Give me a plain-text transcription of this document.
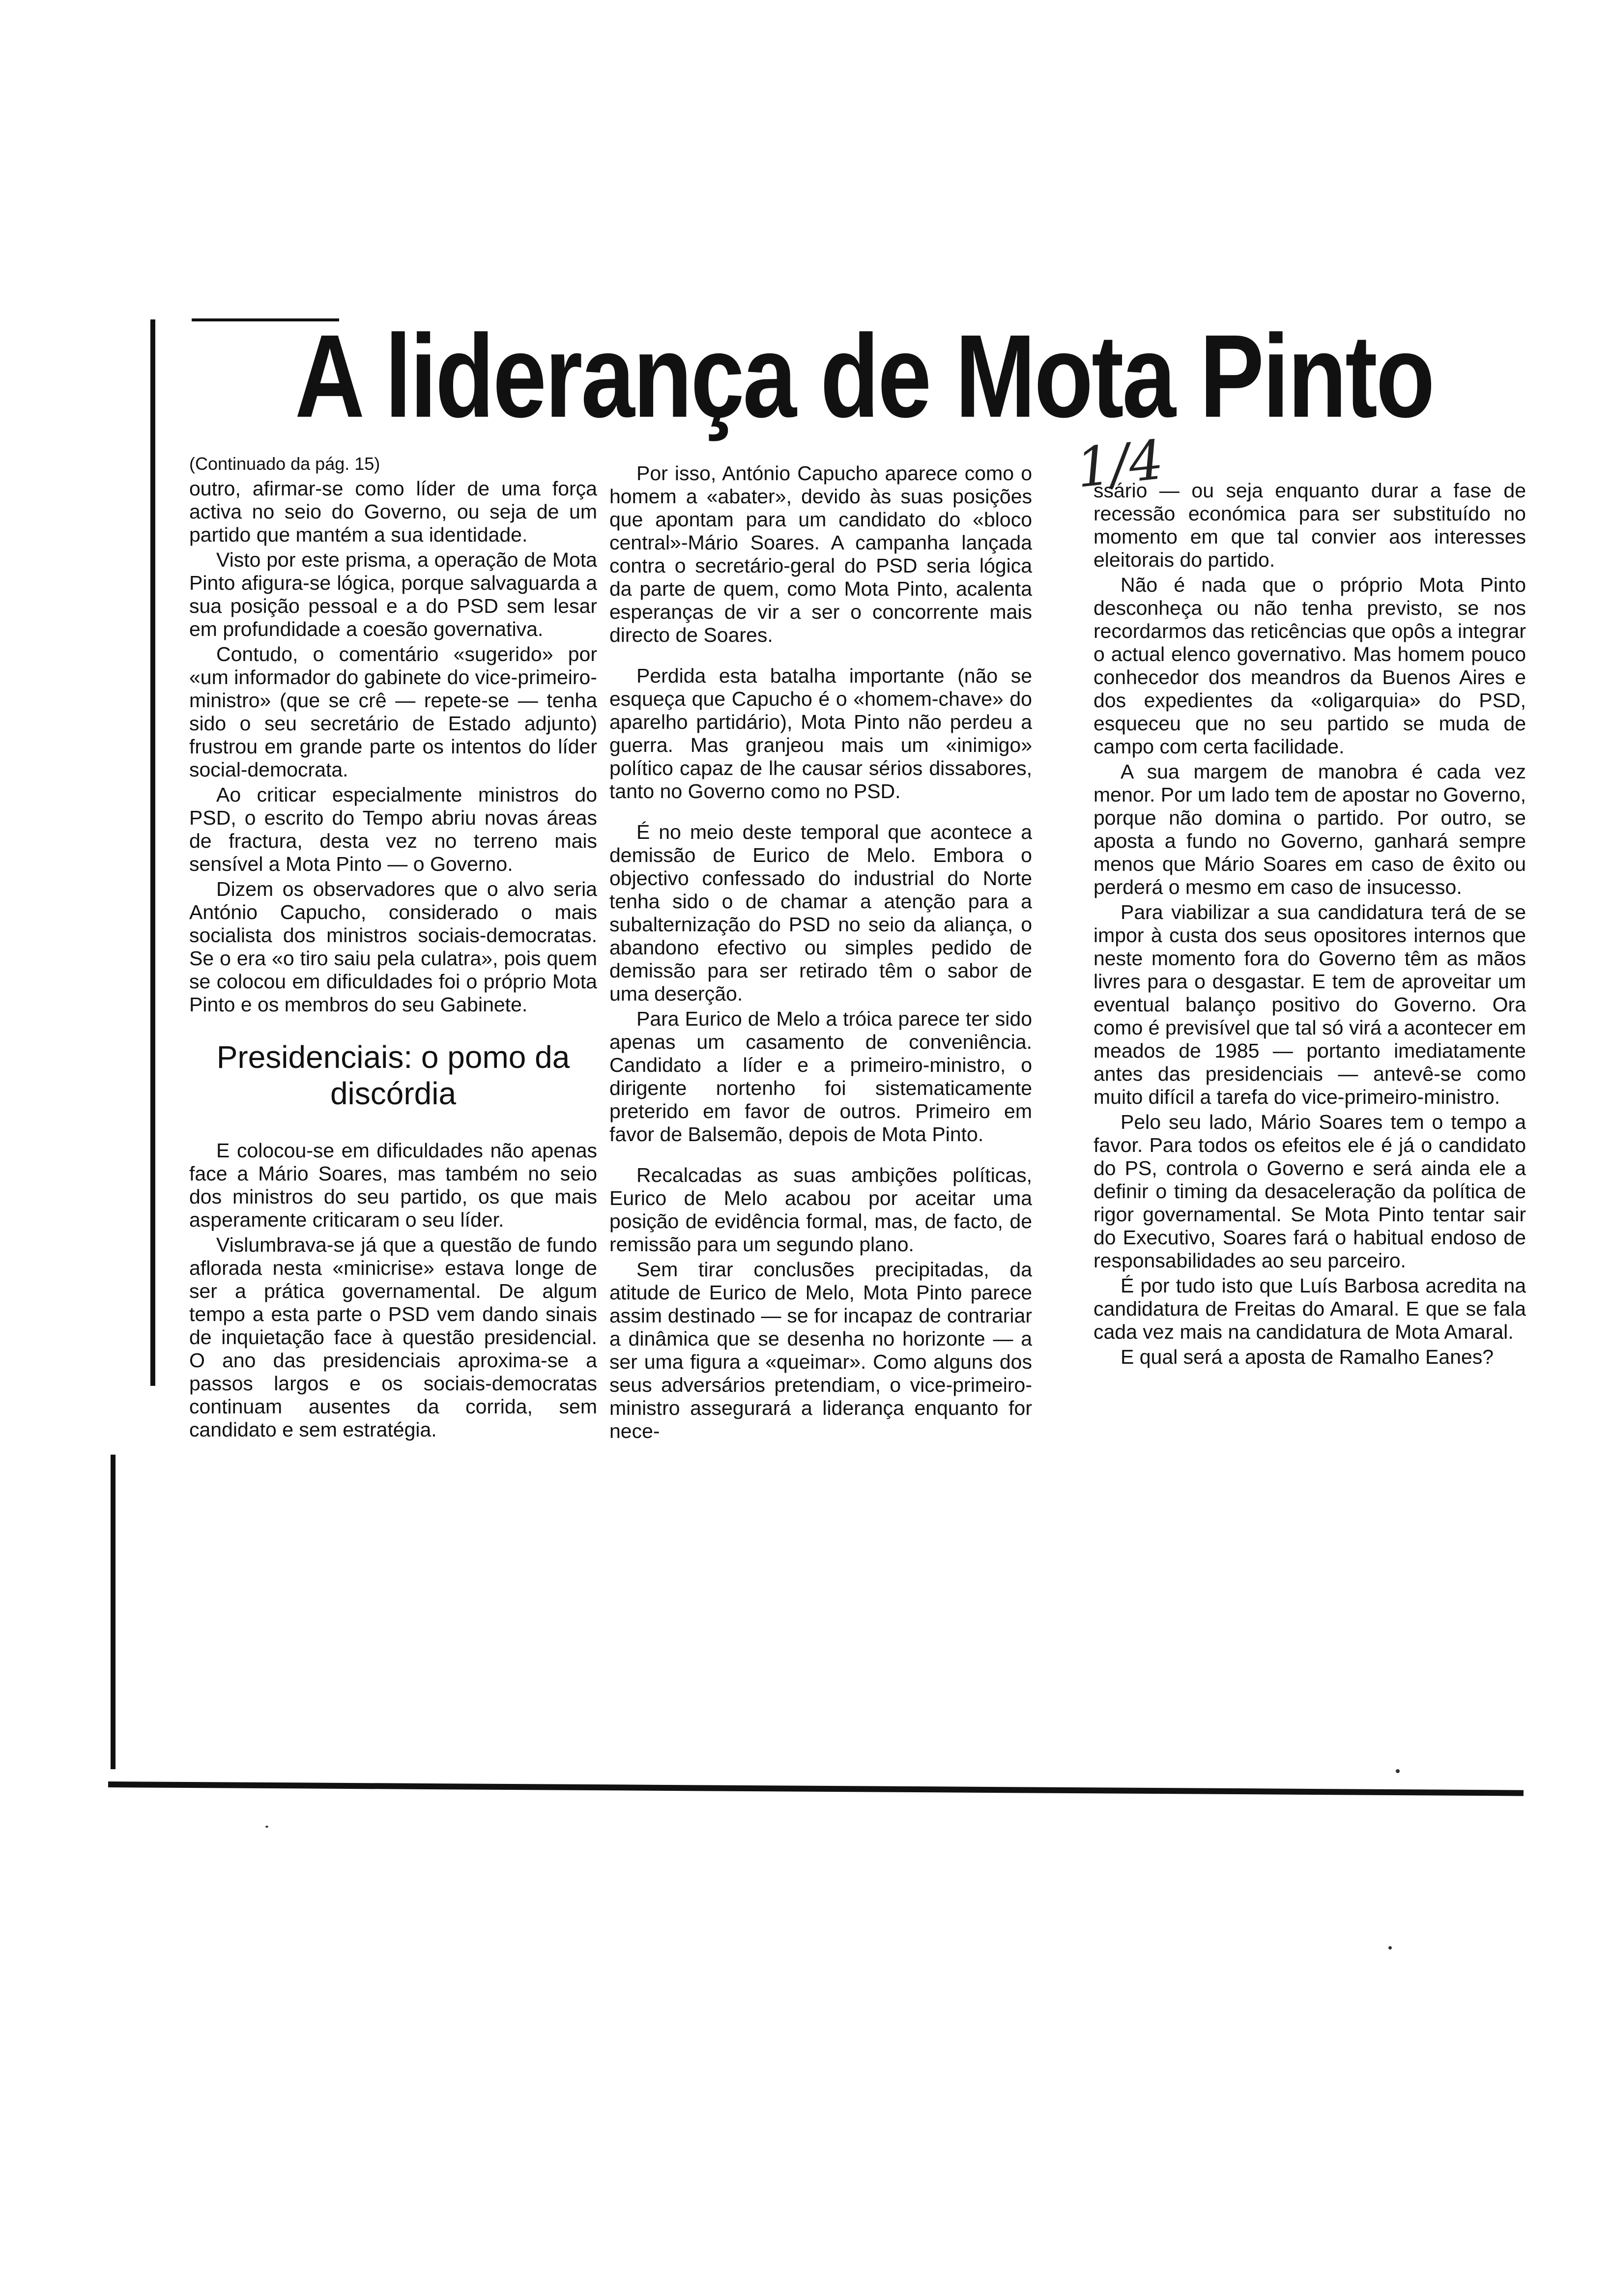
A liderança de Mota Pinto
1/4

(Continuado da pág. 15)

outro, afirmar-se como líder de uma força activa no seio do Governo, ou seja de um partido que mantém a sua identidade.

Visto por este prisma, a operação de Mota Pinto afigura-se lógica, porque salvaguarda a sua posição pessoal e a do PSD sem lesar em profundidade a coesão governativa.

Contudo, o comentário «sugerido» por «um informador do gabinete do vice-primeiro-ministro» (que se crê — repete-se — tenha sido o seu secretário de Estado adjunto) frustrou em grande parte os intentos do líder social-democrata.

Ao criticar especialmente ministros do PSD, o escrito do Tempo abriu novas áreas de fractura, desta vez no terreno mais sensível a Mota Pinto — o Governo.

Dizem os observadores que o alvo seria António Capucho, considerado o mais socialista dos ministros sociais-democratas. Se o era «o tiro saiu pela culatra», pois quem se colocou em dificuldades foi o próprio Mota Pinto e os membros do seu Gabinete.

Presidenciais: o pomo da discórdia

E colocou-se em dificuldades não apenas face a Mário Soares, mas também no seio dos ministros do seu partido, os que mais asperamente criticaram o seu líder.

Vislumbrava-se já que a questão de fundo aflorada nesta «minicrise» estava longe de ser a prática governamental. De algum tempo a esta parte o PSD vem dando sinais de inquietação face à questão presidencial. O ano das presidenciais aproxima-se a passos largos e os sociais-democratas continuam ausentes da corrida, sem candidato e sem estratégia.

Por isso, António Capucho aparece como o homem a «abater», devido às suas posições que apontam para um candidato do «bloco central»-Mário Soares. A campanha lançada contra o secretário-geral do PSD seria lógica da parte de quem, como Mota Pinto, acalenta esperanças de vir a ser o concorrente mais directo de Soares.

Perdida esta batalha importante (não se esqueça que Capucho é o «homem-chave» do aparelho partidário), Mota Pinto não perdeu a guerra. Mas granjeou mais um «inimigo» político capaz de lhe causar sérios dissabores, tanto no Governo como no PSD.

É no meio deste temporal que acontece a demissão de Eurico de Melo. Embora o objectivo confessado do industrial do Norte tenha sido o de chamar a atenção para a subalternização do PSD no seio da aliança, o abandono efectivo ou simples pedido de demissão para ser retirado têm o sabor de uma deserção.

Para Eurico de Melo a tróica parece ter sido apenas um casamento de conveniência. Candidato a líder e a primeiro-ministro, o dirigente nortenho foi sistematicamente preterido em favor de outros. Primeiro em favor de Balsemão, depois de Mota Pinto.

Recalcadas as suas ambições políticas, Eurico de Melo acabou por aceitar uma posição de evidência formal, mas, de facto, de remissão para um segundo plano.

Sem tirar conclusões precipitadas, da atitude de Eurico de Melo, Mota Pinto parece assim destinado — se for incapaz de contrariar a dinâmica que se desenha no horizonte — a ser uma figura a «queimar». Como alguns dos seus adversários pretendiam, o vice-primeiro-ministro assegurará a liderança enquanto for nece-

ssário — ou seja enquanto durar a fase de recessão económica para ser substituído no momento em que tal convier aos interesses eleitorais do partido.

Não é nada que o próprio Mota Pinto desconheça ou não tenha previsto, se nos recordarmos das reticências que opôs a integrar o actual elenco governativo. Mas homem pouco conhecedor dos meandros da Buenos Aires e dos expedientes da «oligarquia» do PSD, esqueceu que no seu partido se muda de campo com certa facilidade.

A sua margem de manobra é cada vez menor. Por um lado tem de apostar no Governo, porque não domina o partido. Por outro, se aposta a fundo no Governo, ganhará sempre menos que Mário Soares em caso de êxito ou perderá o mesmo em caso de insucesso.

Para viabilizar a sua candidatura terá de se impor à custa dos seus opositores internos que neste momento fora do Governo têm as mãos livres para o desgastar. E tem de aproveitar um eventual balanço positivo do Governo. Ora como é previsível que tal só virá a acontecer em meados de 1985 — portanto imediatamente antes das presidenciais — antevê-se como muito difícil a tarefa do vice-primeiro-ministro.

Pelo seu lado, Mário Soares tem o tempo a favor. Para todos os efeitos ele é já o candidato do PS, controla o Governo e será ainda ele a definir o timing da desaceleração da política de rigor governamental. Se Mota Pinto tentar sair do Executivo, Soares fará o habitual endoso de responsabilidades ao seu parceiro.

É por tudo isto que Luís Barbosa acredita na candidatura de Freitas do Amaral. E que se fala cada vez mais na candidatura de Mota Amaral.

E qual será a aposta de Ramalho Eanes?
